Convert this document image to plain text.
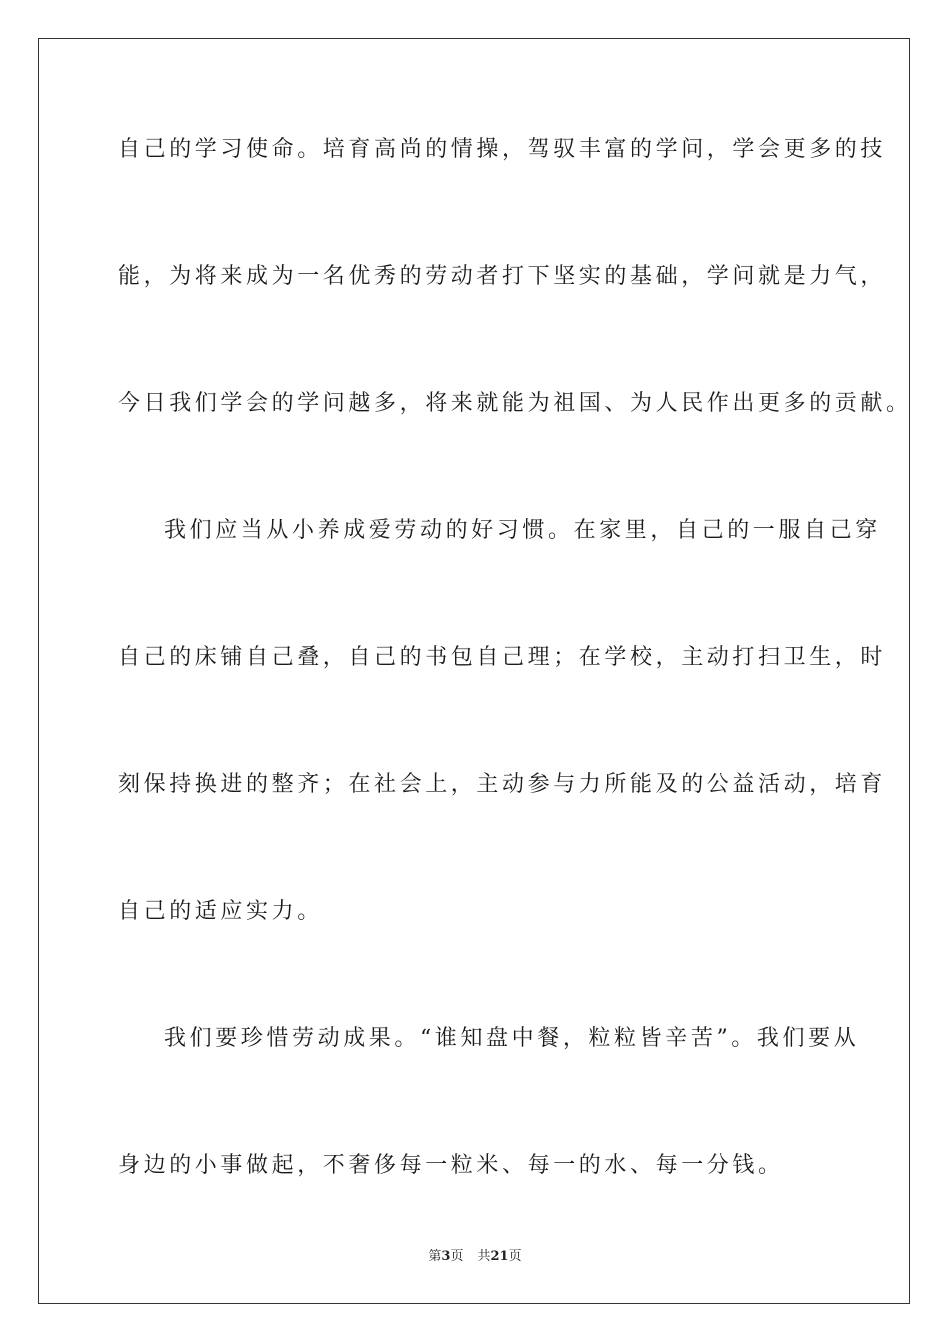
自己的学习使命。培育高尚的情操，驾驭丰富的学问，学会更多的技
能，为将来成为一名优秀的劳动者打下坚实的基础，学问就是力气，
今日我们学会的学问越多，将来就能为祖国、为人民作出更多的贡献。
我们应当从小养成爱劳动的好习惯。在家里，自己的一服自己穿
自己的床铺自己叠，自己的书包自己理；在学校，主动打扫卫生，时
刻保持换进的整齐；在社会上，主动参与力所能及的公益活动，培育
自己的适应实力。
我们要珍惜劳动成果。“谁知盘中餐，粒粒皆辛苦”。我们要从
身边的小事做起，不奢侈每一粒米、每一的水、每一分钱。
第3页 共21页
